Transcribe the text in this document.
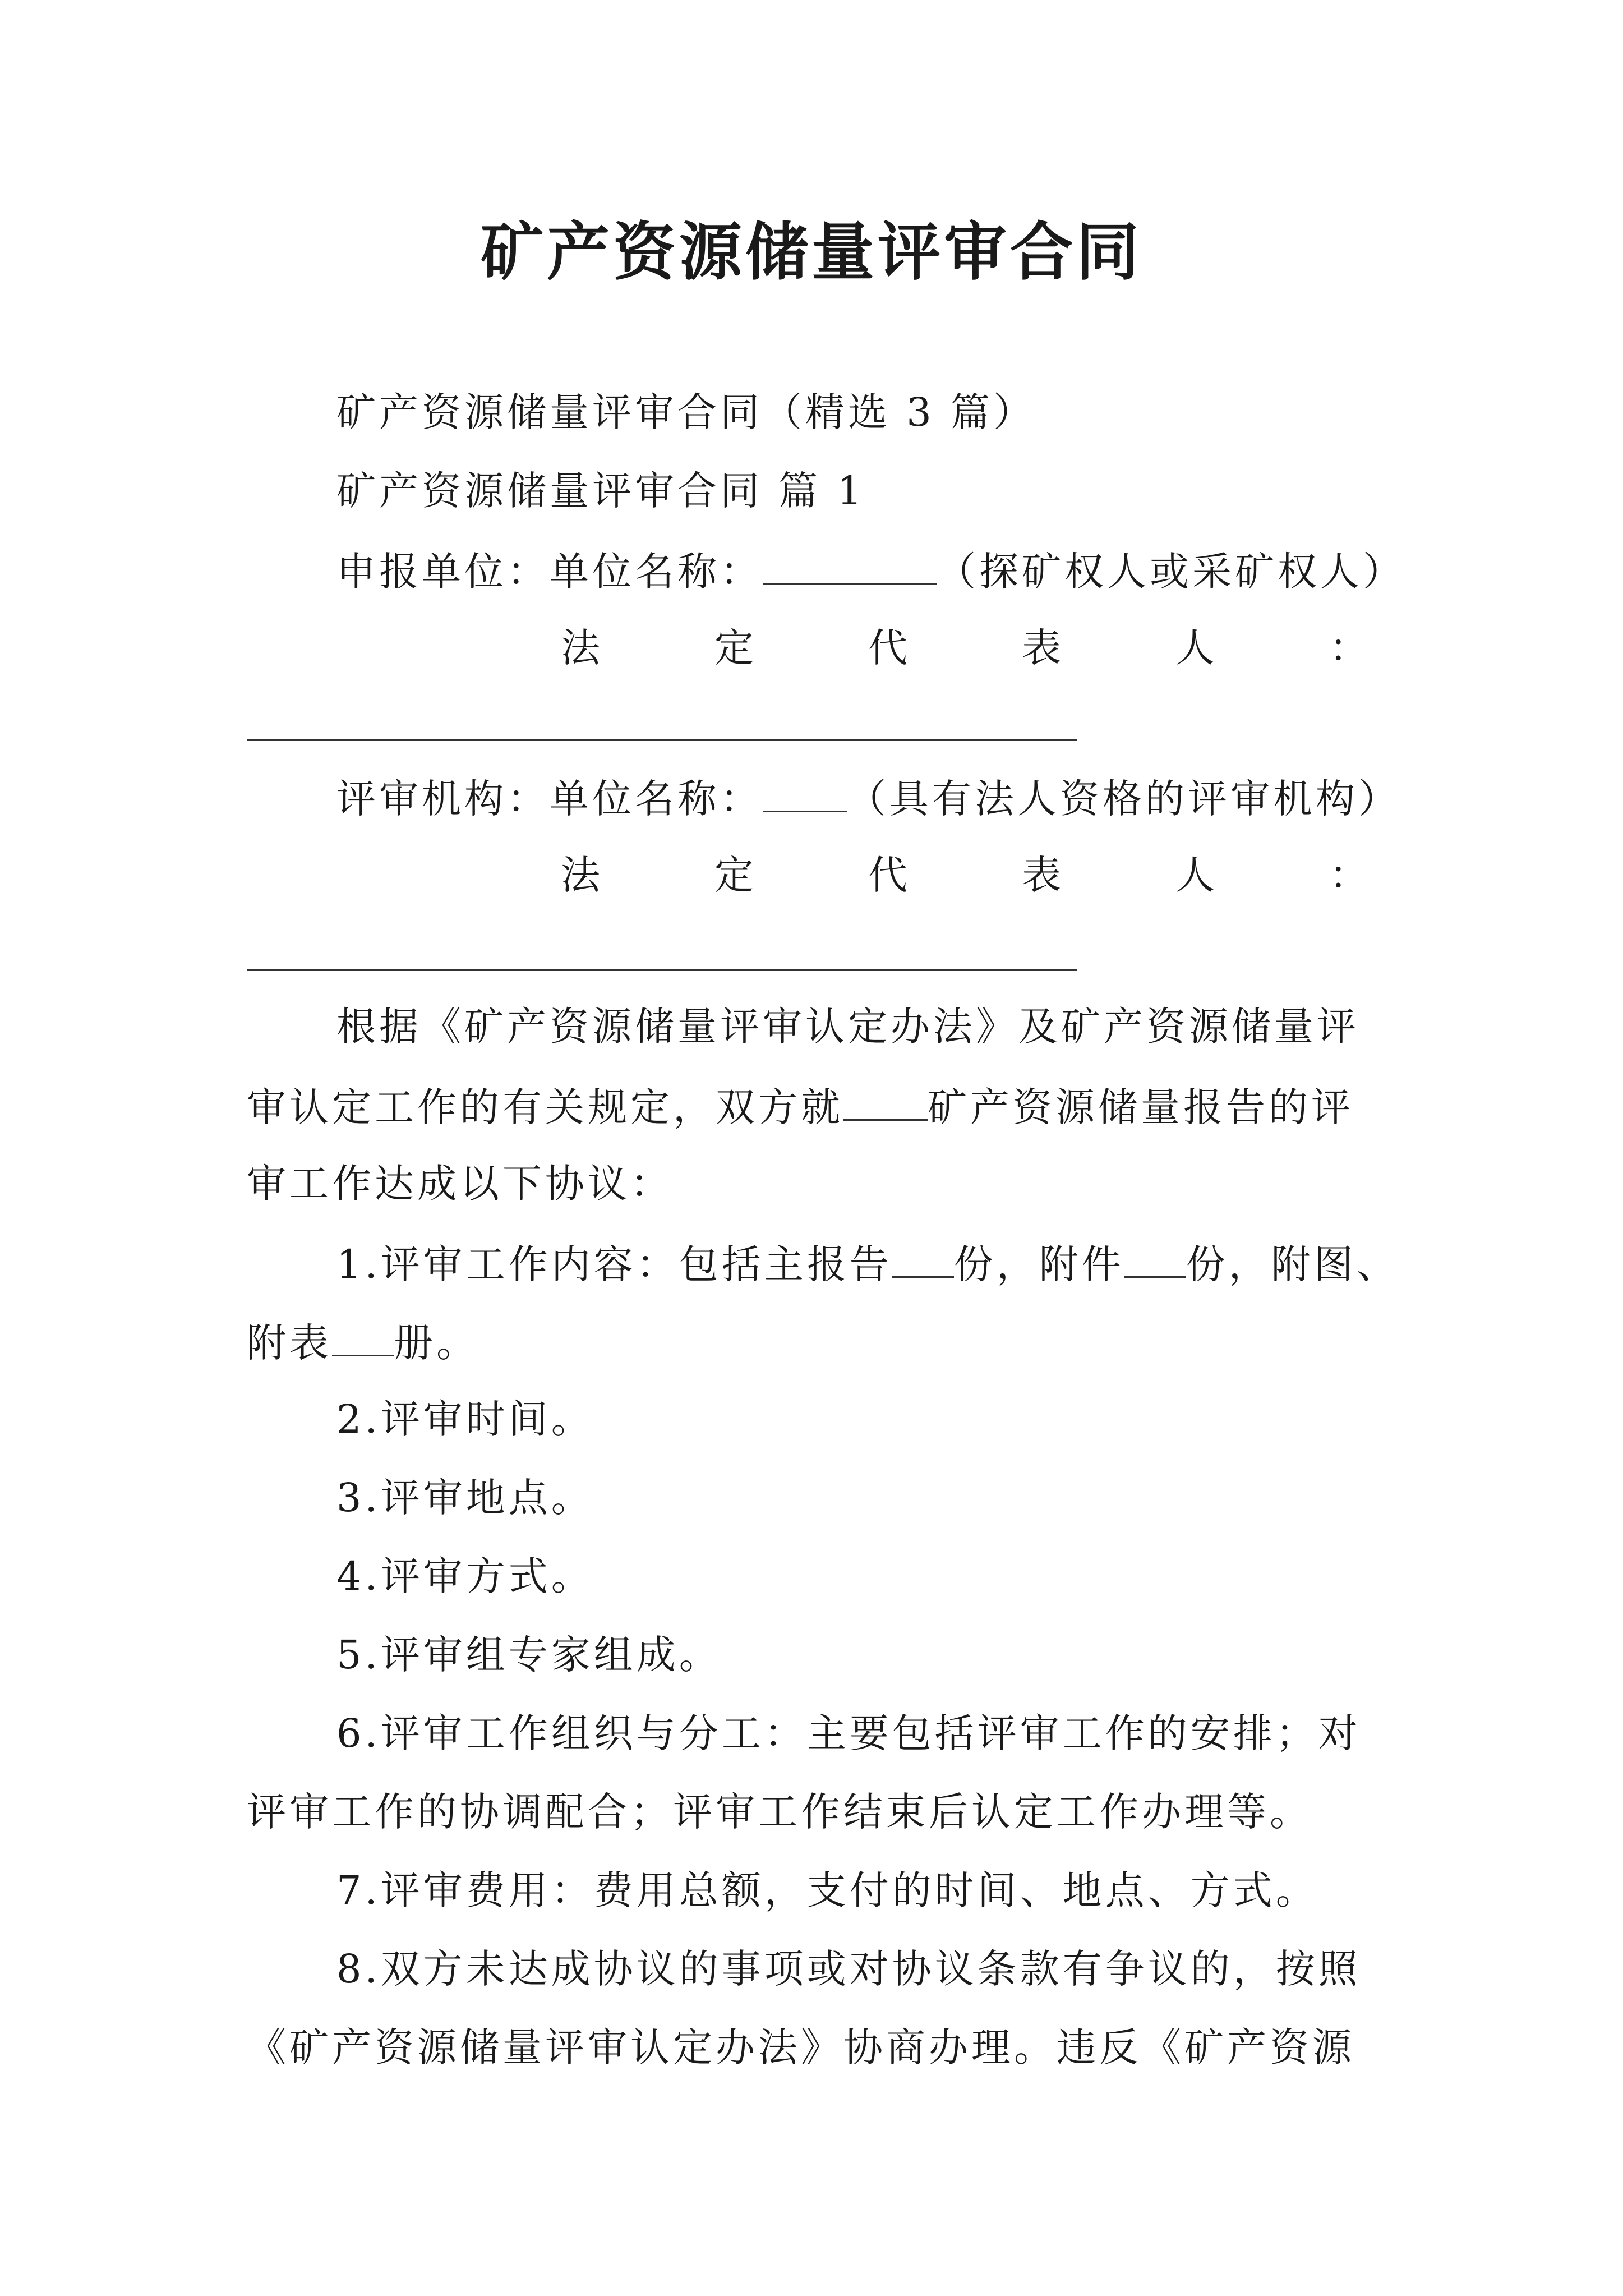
矿产资源储量评审合同
矿产资源储量评审合同（精选 3 篇）
矿产资源储量评审合同 篇 1
申报单位：单位名称：	（探矿权人或采矿权人）
法	定	代	表	人	：
评审机构：单位名称： （具有法人资格的评审机构）
法	定	代	表	人	：
根据《矿产资源储量评审认定办法》及矿产资源储量评
审认定工作的有关规定，双方就 矿产资源储量报告的评
审工作达成以下协议：
1.评审工作内容：包括主报告 份，附件 份，附图、
附表 册。
2.评审时间。
3.评审地点。
4.评审方式。
5.评审组专家组成。
6.评审工作组织与分工：主要包括评审工作的安排；对
评审工作的协调配合；评审工作结束后认定工作办理等。
7.评审费用：费用总额，支付的时间、地点、方式。
8.双方未达成协议的事项或对协议条款有争议的，按照
《矿产资源储量评审认定办法》协商办理。违反《矿产资源
